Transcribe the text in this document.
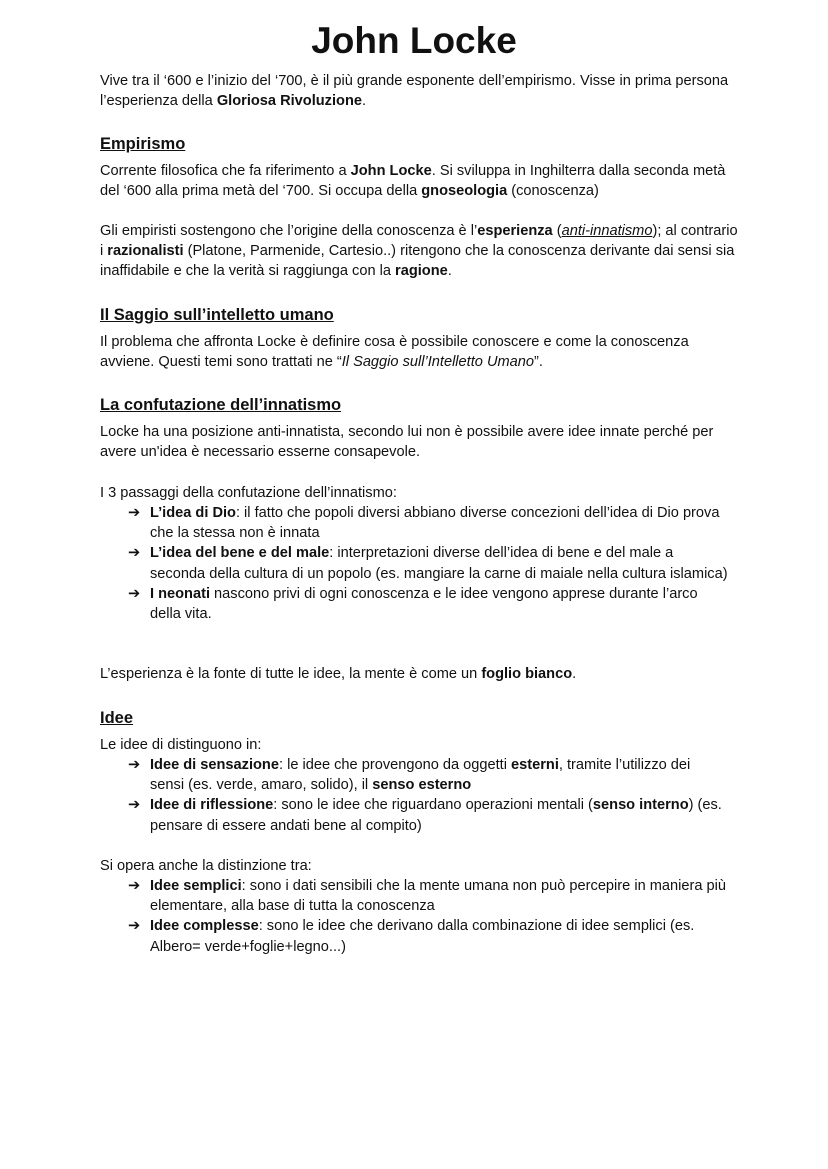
John Locke

Vive tra il ‘600 e l’inizio del ‘700, è il più grande esponente dell’empirismo. Visse in prima persona l’esperienza della Gloriosa Rivoluzione.

Empirismo

Corrente filosofica che fa riferimento a John Locke. Si sviluppa in Inghilterra dalla seconda metà del ‘600 alla prima metà del ‘700. Si occupa della gnoseologia (conoscenza)

Gli empiristi sostengono che l’origine della conoscenza è l’esperienza (anti-innatismo); al contrario i razionalisti (Platone, Parmenide, Cartesio..) ritengono che la conoscenza derivante dai sensi sia inaffidabile e che la verità si raggiunga con la ragione.

Il Saggio sull’intelletto umano

Il problema che affronta Locke è definire cosa è possibile conoscere e come la conoscenza avviene. Questi temi sono trattati ne “Il Saggio sull’Intelletto Umano”.

La confutazione dell’innatismo

Locke ha una posizione anti-innatista, secondo lui non è possibile avere idee innate perché per avere un'idea è necessario esserne consapevole.

I 3 passaggi della confutazione dell’innatismo:

➔ L’idea di Dio: il fatto che popoli diversi abbiano diverse concezioni dell’idea di Dio prova che la stessa non è innata
➔ L’idea del bene e del male: interpretazioni diverse dell’idea di bene e del male a seconda della cultura di un popolo (es. mangiare la carne di maiale nella cultura islamica)
➔ I neonati nascono privi di ogni conoscenza e le idee vengono apprese durante l’arco della vita.

L’esperienza è la fonte di tutte le idee, la mente è come un foglio bianco.

Idee

Le idee di distinguono in:

➔ Idee di sensazione: le idee che provengono da oggetti esterni, tramite l’utilizzo dei sensi (es. verde, amaro, solido), il senso esterno
➔ Idee di riflessione: sono le idee che riguardano operazioni mentali (senso interno) (es. pensare di essere andati bene al compito)

Si opera anche la distinzione tra:

➔ Idee semplici: sono i dati sensibili che la mente umana non può percepire in maniera più elementare, alla base di tutta la conoscenza
➔ Idee complesse: sono le idee che derivano dalla combinazione di idee semplici (es. Albero= verde+foglie+legno...)
